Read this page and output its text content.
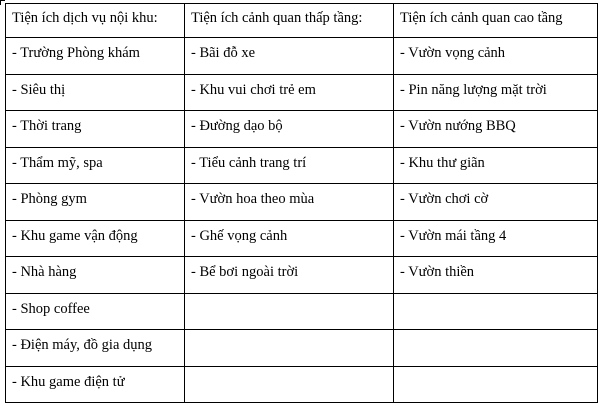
Tiện ích dịch vụ nội khu:	Tiện ích cảnh quan thấp tầng:	Tiện ích cảnh quan cao tầng
- Trường Phòng khám	- Bãi đỗ xe	- Vườn vọng cảnh
- Siêu thị	- Khu vui chơi trẻ em	- Pin năng lượng mặt trời
- Thời trang	- Đường dạo bộ	- Vườn nướng BBQ
- Thẩm mỹ, spa	- Tiểu cảnh trang trí	- Khu thư giãn
- Phòng gym	- Vườn hoa theo mùa	- Vườn chơi cờ
- Khu game vận động	- Ghế vọng cảnh	- Vườn mái tầng 4
- Nhà hàng	- Bể bơi ngoài trời	- Vườn thiền
- Shop coffee		
- Điện máy, đồ gia dụng		
- Khu game điện tử		
